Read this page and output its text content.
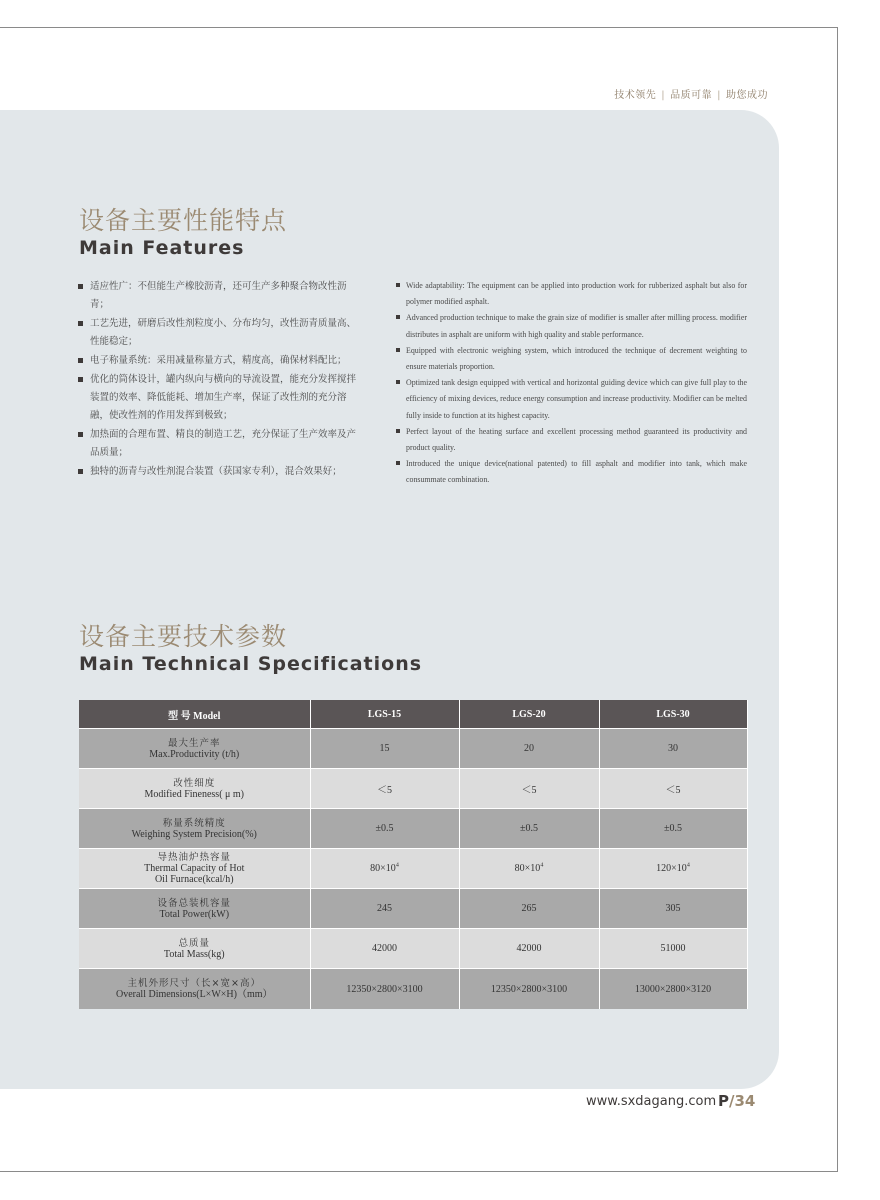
技术领先 | 品质可靠 | 助您成功
设备主要性能特点
Main Features
适应性广：不但能生产橡胶沥青，还可生产多种聚合物改性沥青；
工艺先进，研磨后改性剂粒度小、分布均匀，改性沥青质量高、性能稳定；
电子称量系统：采用减量称量方式，精度高，确保材料配比；
优化的筒体设计，罐内纵向与横向的导流设置，能充分发挥搅拌装置的效率、降低能耗、增加生产率，保证了改性剂的充分溶融，使改性剂的作用发挥到极致；
加热面的合理布置、精良的制造工艺，充分保证了生产效率及产品质量；
独特的沥青与改性剂混合装置（获国家专利），混合效果好；
Wide adaptability: The equipment can be applied into production work for rubberized asphalt but also for polymer modified asphalt.
Advanced production technique to make the grain size of modifier is smaller after milling process. modifier distributes in asphalt are uniform with high quality and stable performance.
Equipped with electronic weighing system, which introduced the technique of decrement weighting to ensure materials proportion.
Optimized tank design equipped with vertical and horizontal guiding device which can give full play to the efficiency of mixing devices, reduce energy consumption and increase productivity. Modifier can be melted fully inside to function at its highest capacity.
Perfect layout of the heating surface and excellent processing method guaranteed its productivity and product quality.
Introduced the unique device(national patented) to fill asphalt and modifier into tank, which make consummate combination.
设备主要技术参数
Main Technical Specifications
型 号 Model	LGS-15	LGS-20	LGS-30

最大生产率
Max.Productivity (t/h)	15	20	30

改性细度
Modified Fineness( μ m)	＜5	＜5	＜5

称量系统精度
Weighing System Precision(%)	±0.5	±0.5	±0.5

导热油炉热容量
Thermal Capacity of Hot
Oil Furnace(kcal/h)	$80\times 10^4$	$80\times 10^4$	$120\times 10^4$

设备总装机容量
Total Power(kW)	245	265	305

总质量
Total Mass(kg)	42000	42000	51000

主机外形尺寸（长×宽×高）
Overall Dimensions(L×W×H)（mm）	12350×2800×3100	12350×2800×3100	13000×2800×3120
www.sxdagang.com P/34
